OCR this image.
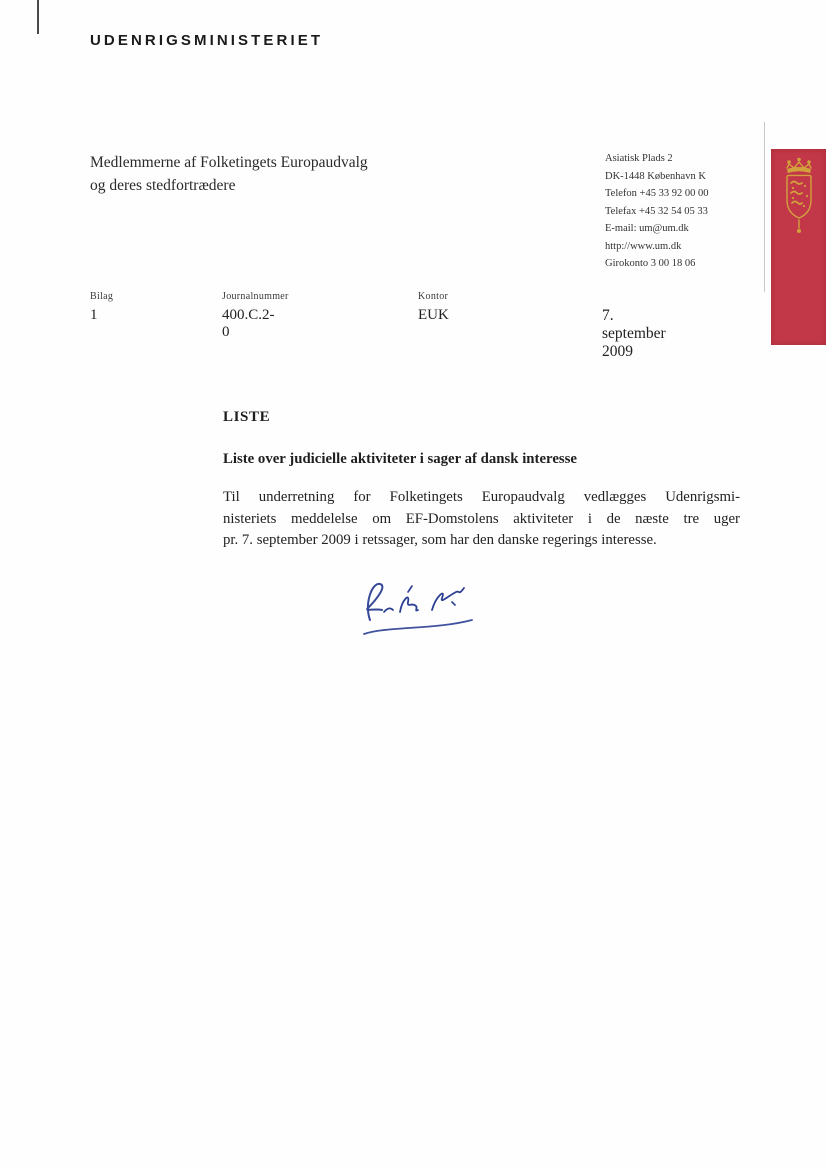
UDENRIGSMINISTERIET
Medlemmerne af Folketingets Europaudvalg
og deres stedfortrædere
Asiatisk Plads 2
DK-1448 København K
Telefon +45 33 92 00 00
Telefax +45 32 54 05 33
E-mail: um@um.dk
http://www.um.dk
Girokonto 3 00 18 06
Bilag
1
Journalnummer
400.C.2-0
Kontor
EUK	7. september 2009
LISTE
Liste over judicielle aktiviteter i sager af dansk interesse
Til underretning for Folketingets Europaudvalg vedlægges Udenrigsmi-
nisteriets meddelelse om EF-Domstolens aktiviteter i de næste tre uger
pr. 7. september 2009 i retssager, som har den danske regerings interesse.
